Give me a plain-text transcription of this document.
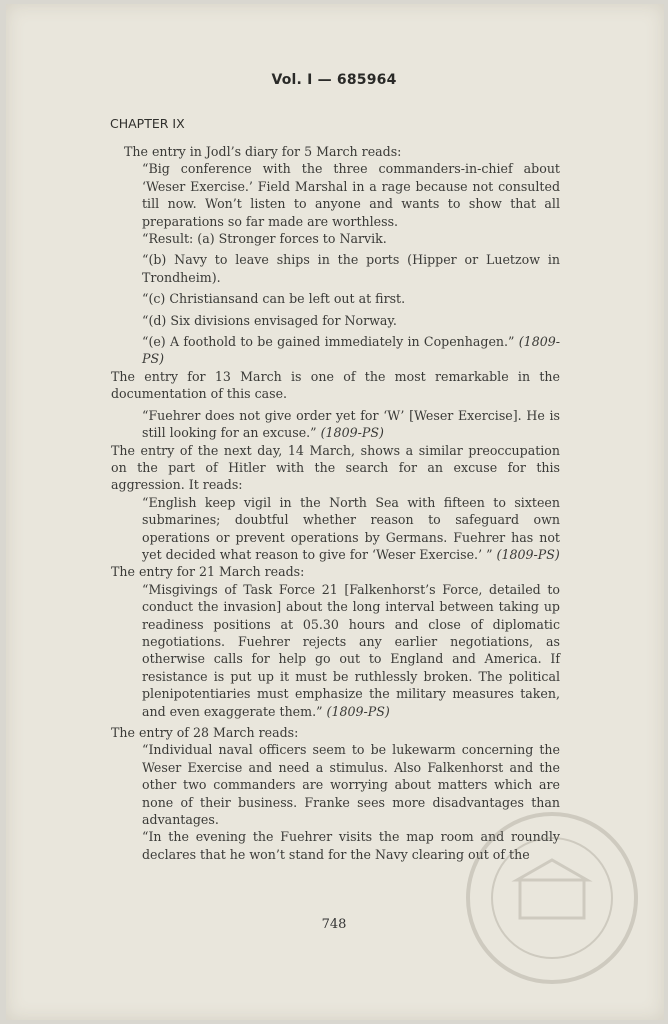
Vol. I — 685964
CHAPTER IX

The entry in Jodl’s diary for 5 March reads:

“Big conference with the three commanders-in-chief about ‘Weser Exercise.’ Field Marshal in a rage because not consulted till now. Won’t listen to anyone and wants to show that all preparations so far made are worthless.

“Result: (a) Stronger forces to Narvik.

“(b) Navy to leave ships in the ports (Hipper or Luetzow in Trondheim).

“(c) Christiansand can be left out at first.

“(d) Six divisions envisaged for Norway.

“(e) A foothold to be gained immediately in Copenhagen.” (1809-PS)

The entry for 13 March is one of the most remarkable in the documentation of this case.

“Fuehrer does not give order yet for ‘W’ [Weser Exercise]. He is still looking for an excuse.” (1809-PS)

The entry of the next day, 14 March, shows a similar preoccupation on the part of Hitler with the search for an excuse for this aggression. It reads:

“English keep vigil in the North Sea with fifteen to sixteen submarines; doubtful whether reason to safeguard own operations or prevent operations by Germans. Fuehrer has not yet decided what reason to give for ‘Weser Exercise.’ ” (1809-PS)

The entry for 21 March reads:

“Misgivings of Task Force 21 [Falkenhorst’s Force, detailed to conduct the invasion] about the long interval between taking up readiness positions at 05.30 hours and close of diplomatic negotiations. Fuehrer rejects any earlier negotiations, as otherwise calls for help go out to England and America. If resistance is put up it must be ruthlessly broken. The political plenipotentiaries must emphasize the military measures taken, and even exaggerate them.” (1809-PS)

The entry of 28 March reads:

“Individual naval officers seem to be lukewarm concerning the Weser Exercise and need a stimulus. Also Falkenhorst and the other two commanders are worrying about matters which are none of their business. Franke sees more disadvantages than advantages.

“In the evening the Fuehrer visits the map room and roundly declares that he won’t stand for the Navy clearing out of the

748
